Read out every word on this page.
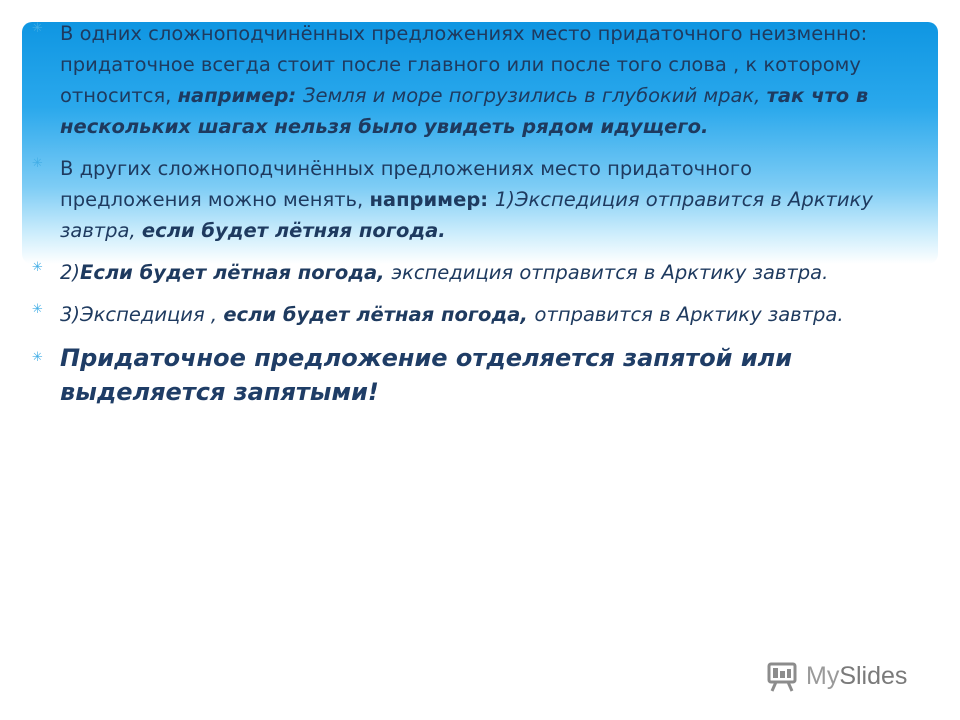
✳ В одних сложноподчинённых предложениях место придаточного неизменно: придаточное всегда стоит после главного или после того слова , к которому относится, например: Земля и море погрузились в глубокий мрак, так что в нескольких шагах нельзя было увидеть рядом идущего.
✳ В других сложноподчинённых предложениях место придаточного предложения можно менять, например: 1)Экспедиция отправится в Арктику завтра, если будет лётняя погода.
✳ 2)Если будет лётная погода, экспедиция отправится в Арктику завтра.
✳ 3)Экспедиция , если будет лётная погода, отправится в Арктику завтра.
✳ Придаточное предложение отделяется запятой или выделяется запятыми!
MySlides
